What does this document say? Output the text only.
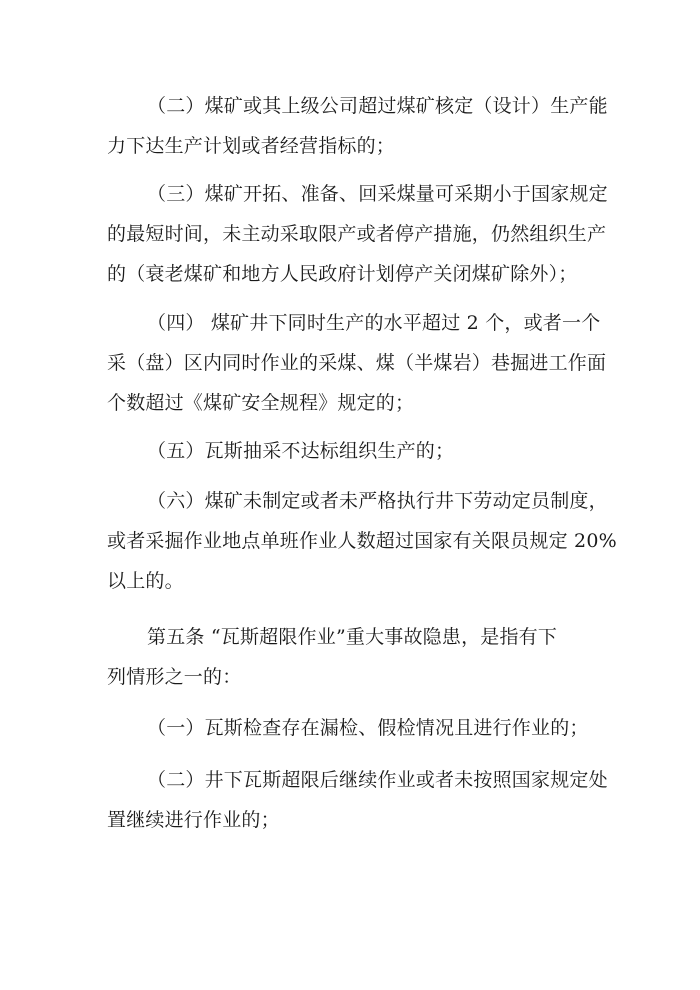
（二）煤矿或其上级公司超过煤矿核定（设计）生产能
力下达生产计划或者经营指标的；
（三）煤矿开拓、准备、回采煤量可采期小于国家规定
的最短时间，未主动采取限产或者停产措施，仍然组织生产
的（衰老煤矿和地方人民政府计划停产关闭煤矿除外）；
（四） 煤矿井下同时生产的水平超过 2 个，或者一个
采（盘）区内同时作业的采煤、煤（半煤岩）巷掘进工作面
个数超过《煤矿安全规程》规定的；
（五）瓦斯抽采不达标组织生产的；
（六）煤矿未制定或者未严格执行井下劳动定员制度，
或者采掘作业地点单班作业人数超过国家有关限员规定 20%
以上的。
第五条 “瓦斯超限作业”重大事故隐患，是指有下
列情形之一的：
（一）瓦斯检查存在漏检、假检情况且进行作业的；
（二）井下瓦斯超限后继续作业或者未按照国家规定处
置继续进行作业的；
